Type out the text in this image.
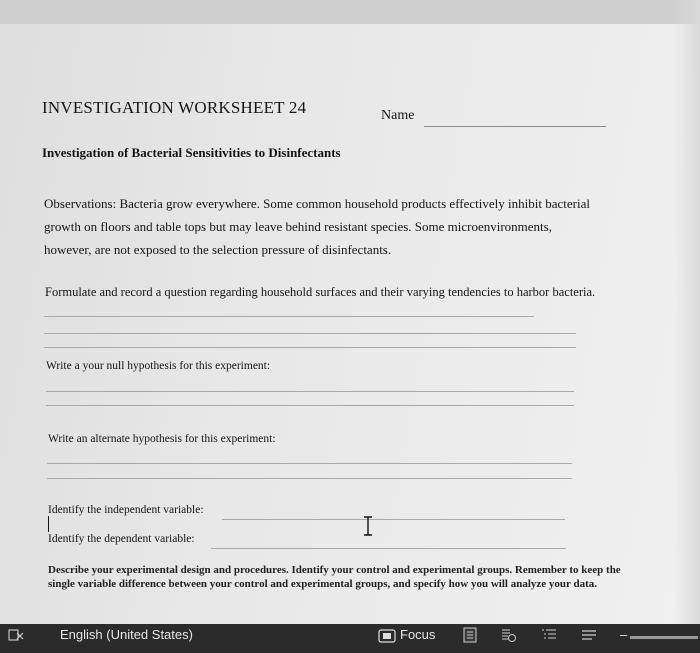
INVESTIGATION WORKSHEET 24	Name
Investigation of Bacterial Sensitivities to Disinfectants
Observations: Bacteria grow everywhere. Some common household products effectively inhibit bacterial
growth on floors and table tops but may leave behind resistant species. Some microenvironments,
however, are not exposed to the selection pressure of disinfectants.
Formulate and record a question regarding household surfaces and their varying tendencies to harbor bacteria.
Write a your null hypothesis for this experiment:
Write an alternate hypothesis for this experiment:
Identify the independent variable:
Identify the dependent variable:
Describe your experimental design and procedures. Identify your control and experimental groups. Remember to keep the
single variable difference between your control and experimental groups, and specify how you will analyze your data.
English (United States)	Focus	–
